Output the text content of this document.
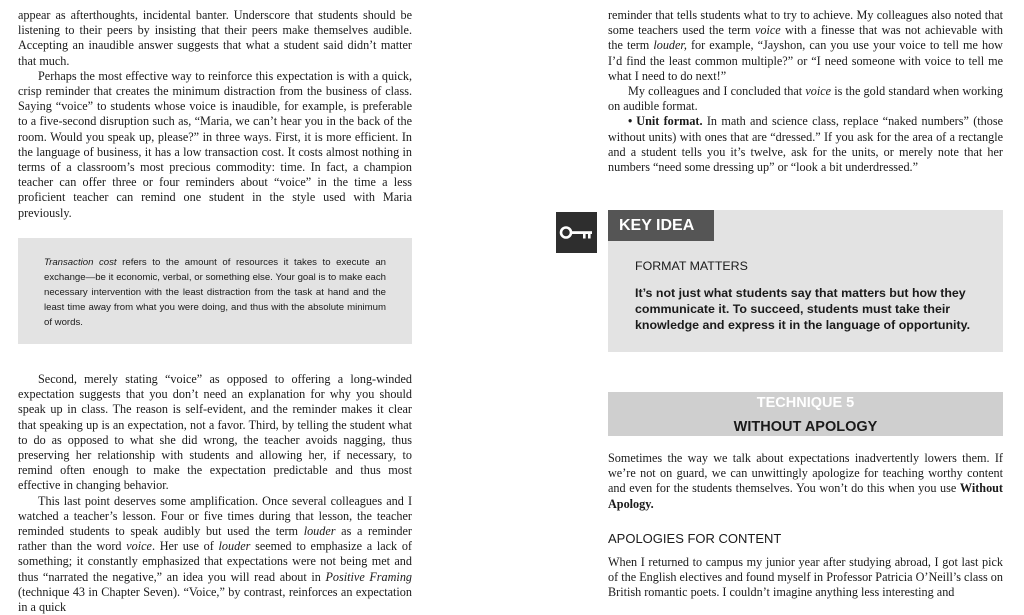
appear as afterthoughts, incidental banter. Underscore that students should be listening to their peers by insisting that their peers make themselves audible. Accepting an inaudible answer suggests that what a student said didn’t matter that much.

Perhaps the most effective way to reinforce this expectation is with a quick, crisp reminder that creates the minimum distraction from the business of class. Saying “voice” to students whose voice is inaudible, for example, is preferable to a five-second disruption such as, “Maria, we can’t hear you in the back of the room. Would you speak up, please?” in three ways. First, it is more efficient. In the language of business, it has a low transaction cost. It costs almost nothing in terms of a classroom’s most precious commodity: time. In fact, a champion teacher can offer three or four reminders about “voice” in the time a less proficient teacher can remind one student in the style used with Maria previously.

Transaction cost refers to the amount of resources it takes to execute an exchange—be it economic, verbal, or something else. Your goal is to make each necessary intervention with the least distraction from the task at hand and the least time away from what you were doing, and thus with the absolute minimum of words.

Second, merely stating “voice” as opposed to offering a long-winded expectation suggests that you don’t need an explanation for why you should speak up in class. The reason is self-evident, and the reminder makes it clear that speaking up is an expectation, not a favor. Third, by telling the student what to do as opposed to what she did wrong, the teacher avoids nagging, thus preserving her relationship with students and allowing her, if necessary, to remind often enough to make the expectation predictable and thus most effective in changing behavior.

This last point deserves some amplification. Once several colleagues and I watched a teacher’s lesson. Four or five times during that lesson, the teacher reminded students to speak audibly but used the term louder as a reminder rather than the word voice. Her use of louder seemed to emphasize a lack of something; it constantly emphasized that expectations were not being met and thus “narrated the negative,” an idea you will read about in Positive Framing (technique 43 in Chapter Seven). “Voice,” by contrast, reinforces an expectation in a quick

reminder that tells students what to try to achieve. My colleagues also noted that some teachers used the term voice with a finesse that was not achievable with the term louder, for example, “Jayshon, can you use your voice to tell me how I’d find the least common multiple?” or “I need someone with voice to tell me what I need to do next!”

My colleagues and I concluded that voice is the gold standard when working on audible format.

• Unit format. In math and science class, replace “naked numbers” (those without units) with ones that are “dressed.” If you ask for the area of a rectangle and a student tells you it’s twelve, ask for the units, or merely note that her numbers “need some dressing up” or “look a bit underdressed.”

KEY IDEA
FORMAT MATTERS
It’s not just what students say that matters but how they communicate it. To succeed, students must take their knowledge and express it in the language of opportunity.
TECHNIQUE 5
WITHOUT APOLOGY

Sometimes the way we talk about expectations inadvertently lowers them. If we’re not on guard, we can unwittingly apologize for teaching worthy content and even for the students themselves. You won’t do this when you use Without Apology.

APOLOGIES FOR CONTENT

When I returned to campus my junior year after studying abroad, I got last pick of the English electives and found myself in Professor Patricia O’Neill’s class on British romantic poets. I couldn’t imagine anything less interesting and
